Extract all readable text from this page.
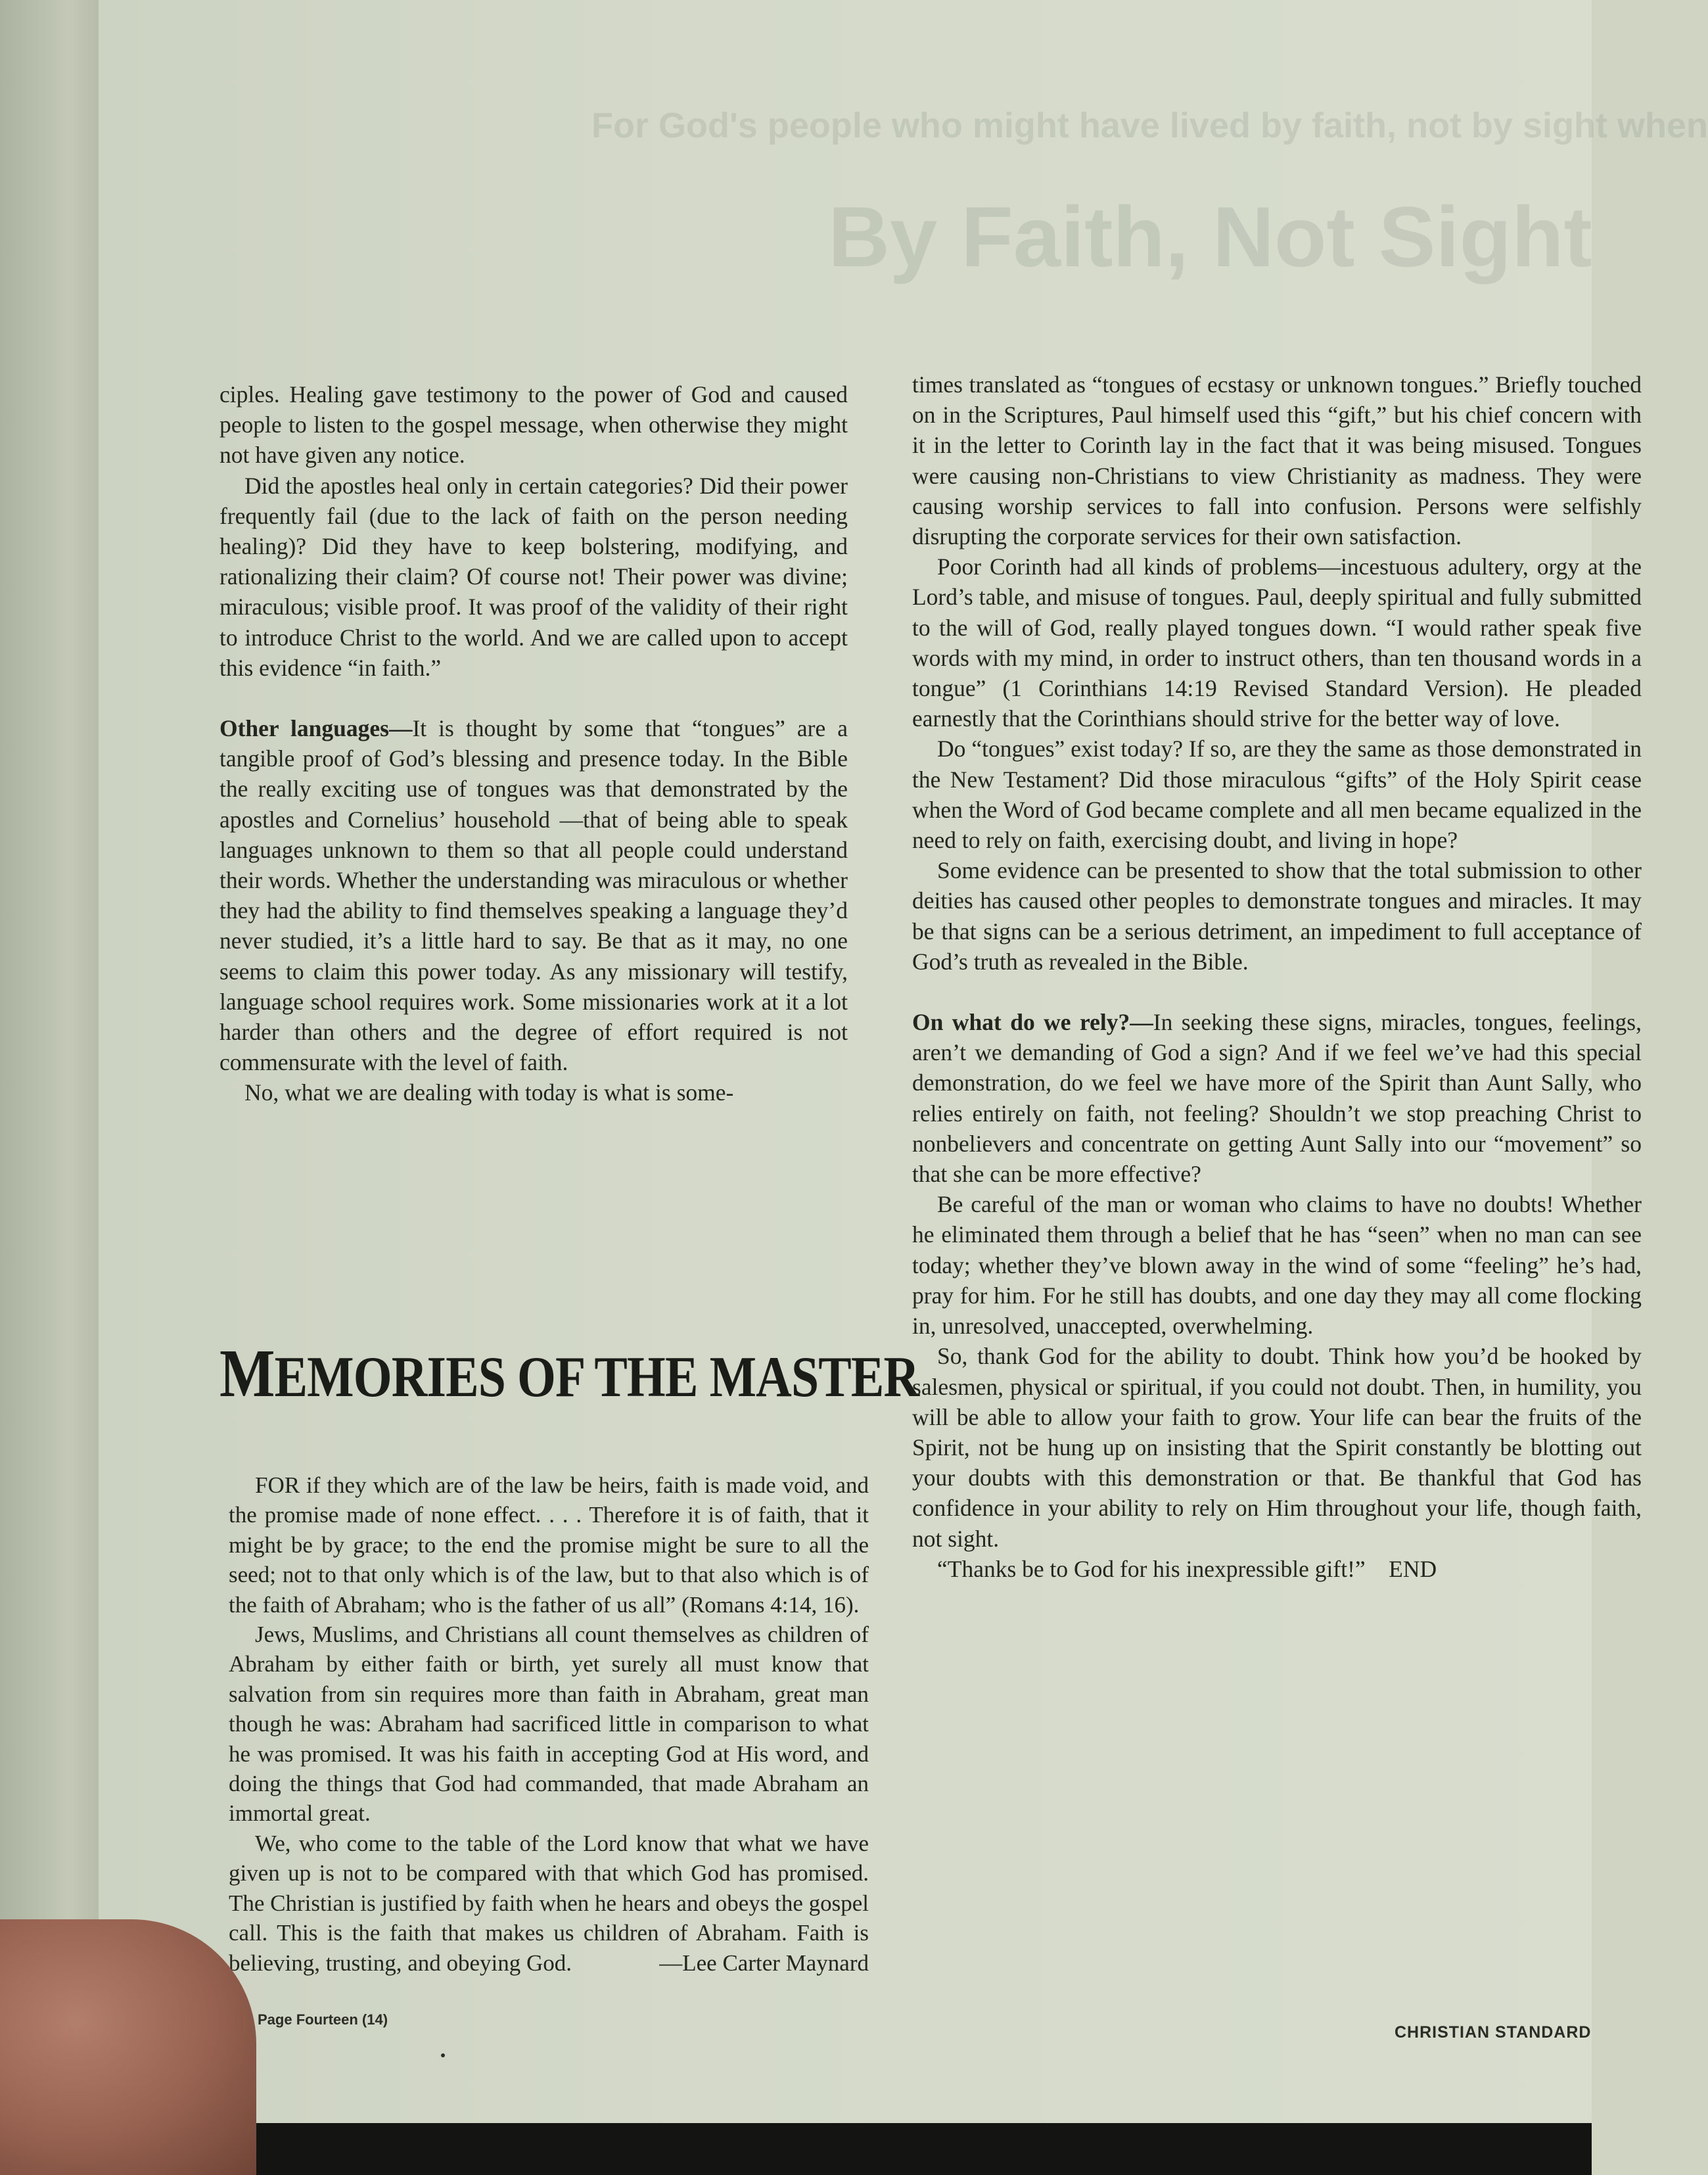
For God's people who might have lived by faith, not by sight when
By Faith, Not Sight

ciples. Healing gave testimony to the power of God and caused people to listen to the gospel message, when otherwise they might not have given any notice.

Did the apostles heal only in certain categories? Did their power frequently fail (due to the lack of faith on the person needing healing)? Did they have to keep bolstering, modifying, and rationalizing their claim? Of course not! Their power was divine; miraculous; visible proof. It was proof of the validity of their right to introduce Christ to the world. And we are called upon to accept this evidence “in faith.”

Other languages—It is thought by some that “tongues” are a tangible proof of God’s blessing and presence today. In the Bible the really exciting use of tongues was that demonstrated by the apostles and Cornelius’ household —that of being able to speak languages unknown to them so that all people could understand their words. Whether the understanding was miraculous or whether they had the ability to find themselves speaking a language they’d never studied, it’s a little hard to say. Be that as it may, no one seems to claim this power today. As any missionary will testify, language school requires work. Some missionaries work at it a lot harder than others and the degree of effort required is not commensurate with the level of faith.

No, what we are dealing with today is what is some-

MEMORIES OF THE MASTER

FOR if they which are of the law be heirs, faith is made void, and the promise made of none effect. . . . Therefore it is of faith, that it might be by grace; to the end the promise might be sure to all the seed; not to that only which is of the law, but to that also which is of the faith of Abraham; who is the father of us all” (Romans 4:14, 16).

Jews, Muslims, and Christians all count themselves as children of Abraham by either faith or birth, yet surely all must know that salvation from sin requires more than faith in Abraham, great man though he was: Abraham had sacrificed little in comparison to what he was promised. It was his faith in accepting God at His word, and doing the things that God had commanded, that made Abraham an immortal great.

We, who come to the table of the Lord know that what we have given up is not to be compared with that which God has promised. The Christian is justified by faith when he hears and obeys the gospel call. This is the faith that makes us children of Abraham. Faith is believing, trusting, and obeying God.	—Lee Carter Maynard

times translated as “tongues of ecstasy or unknown tongues.” Briefly touched on in the Scriptures, Paul himself used this “gift,” but his chief concern with it in the letter to Corinth lay in the fact that it was being misused. Tongues were causing non-Christians to view Christianity as madness. They were causing worship services to fall into confusion. Persons were selfishly disrupting the corporate services for their own satisfaction.

Poor Corinth had all kinds of problems—incestuous adultery, orgy at the Lord’s table, and misuse of tongues. Paul, deeply spiritual and fully submitted to the will of God, really played tongues down. “I would rather speak five words with my mind, in order to instruct others, than ten thousand words in a tongue” (1 Corinthians 14:19 Revised Standard Version). He pleaded earnestly that the Corinthians should strive for the better way of love.

Do “tongues” exist today? If so, are they the same as those demonstrated in the New Testament? Did those miraculous “gifts” of the Holy Spirit cease when the Word of God became complete and all men became equalized in the need to rely on faith, exercising doubt, and living in hope?

Some evidence can be presented to show that the total submission to other deities has caused other peoples to demonstrate tongues and miracles. It may be that signs can be a serious detriment, an impediment to full acceptance of God’s truth as revealed in the Bible.

On what do we rely?—In seeking these signs, miracles, tongues, feelings, aren’t we demanding of God a sign? And if we feel we’ve had this special demonstration, do we feel we have more of the Spirit than Aunt Sally, who relies entirely on faith, not feeling? Shouldn’t we stop preaching Christ to nonbelievers and concentrate on getting Aunt Sally into our “movement” so that she can be more effective?

Be careful of the man or woman who claims to have no doubts! Whether he eliminated them through a belief that he has “seen” when no man can see today; whether they’ve blown away in the wind of some “feeling” he’s had, pray for him. For he still has doubts, and one day they may all come flocking in, unresolved, unaccepted, overwhelming.

So, thank God for the ability to doubt. Think how you’d be hooked by salesmen, physical or spiritual, if you could not doubt. Then, in humility, you will be able to allow your faith to grow. Your life can bear the fruits of the Spirit, not be hung up on insisting that the Spirit constantly be blotting out your doubts with this demonstration or that. Be thankful that God has confidence in your ability to rely on Him throughout your life, though faith, not sight.

“Thanks be to God for his inexpressible gift!” END

Page Fourteen (14)
CHRISTIAN STANDARD
